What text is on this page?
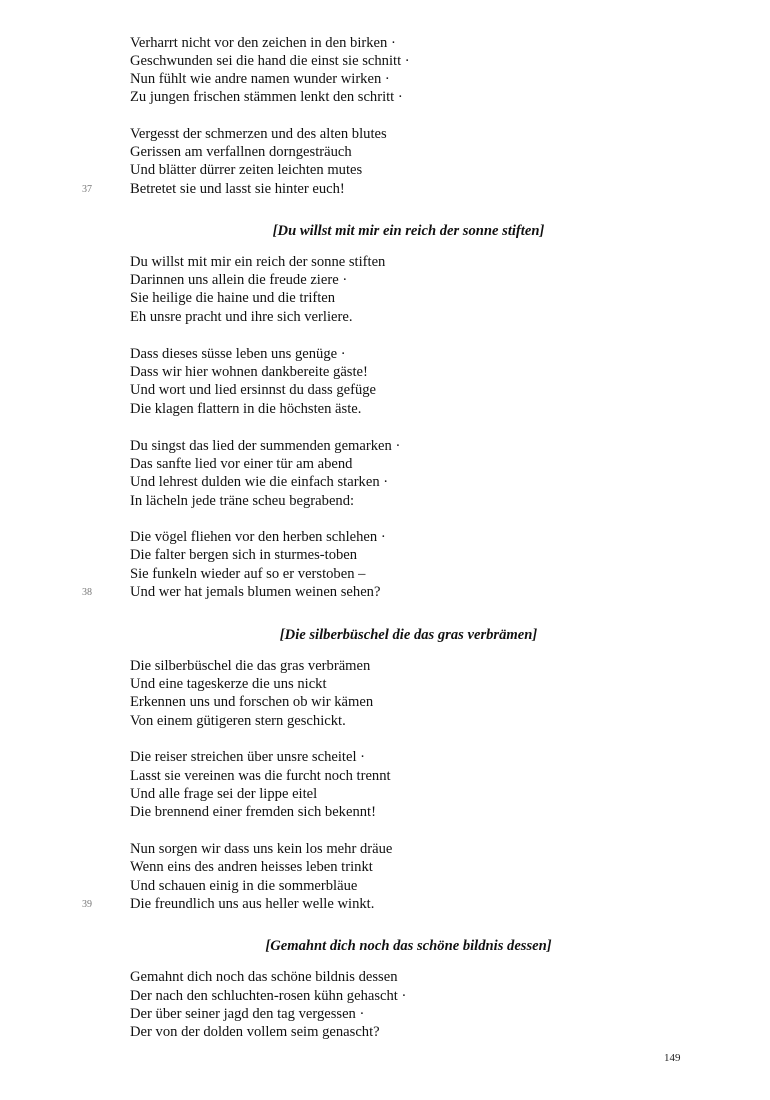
Verharrt nicht vor den zeichen in den birken ·
Geschwunden sei die hand die einst sie schnitt ·
Nun fühlt wie andre namen wunder wirken ·
Zu jungen frischen stämmen lenkt den schritt ·
Vergesst der schmerzen und des alten blutes
Gerissen am verfallnen dorngesträuch
Und blätter dürrer zeiten leichten mutes
Betretet sie und lasst sie hinter euch!
37
[Du willst mit mir ein reich der sonne stiften]
Du willst mit mir ein reich der sonne stiften
Darinnen uns allein die freude ziere ·
Sie heilige die haine und die triften
Eh unsre pracht und ihre sich verliere.
Dass dieses süsse leben uns genüge ·
Dass wir hier wohnen dankbereite gäste!
Und wort und lied ersinnst du dass gefüge
Die klagen flattern in die höchsten äste.
Du singst das lied der summenden gemarken ·
Das sanfte lied vor einer tür am abend
Und lehrest dulden wie die einfach starken ·
In lächeln jede träne scheu begrabend:
Die vögel fliehen vor den herben schlehen ·
Die falter bergen sich in sturmes-toben
Sie funkeln wieder auf so er verstoben –
Und wer hat jemals blumen weinen sehen?
38
[Die silberbüschel die das gras verbrämen]
Die silberbüschel die das gras verbrämen
Und eine tageskerze die uns nickt
Erkennen uns und forschen ob wir kämen
Von einem gütigeren stern geschickt.
Die reiser streichen über unsre scheitel ·
Lasst sie vereinen was die furcht noch trennt
Und alle frage sei der lippe eitel
Die brennend einer fremden sich bekennt!
Nun sorgen wir dass uns kein los mehr dräue
Wenn eins des andren heisses leben trinkt
Und schauen einig in die sommerbläue
Die freundlich uns aus heller welle winkt.
39
[Gemahnt dich noch das schöne bildnis dessen]
Gemahnt dich noch das schöne bildnis dessen
Der nach den schluchten-rosen kühn gehascht ·
Der über seiner jagd den tag vergessen ·
Der von der dolden vollem seim genascht?
149
